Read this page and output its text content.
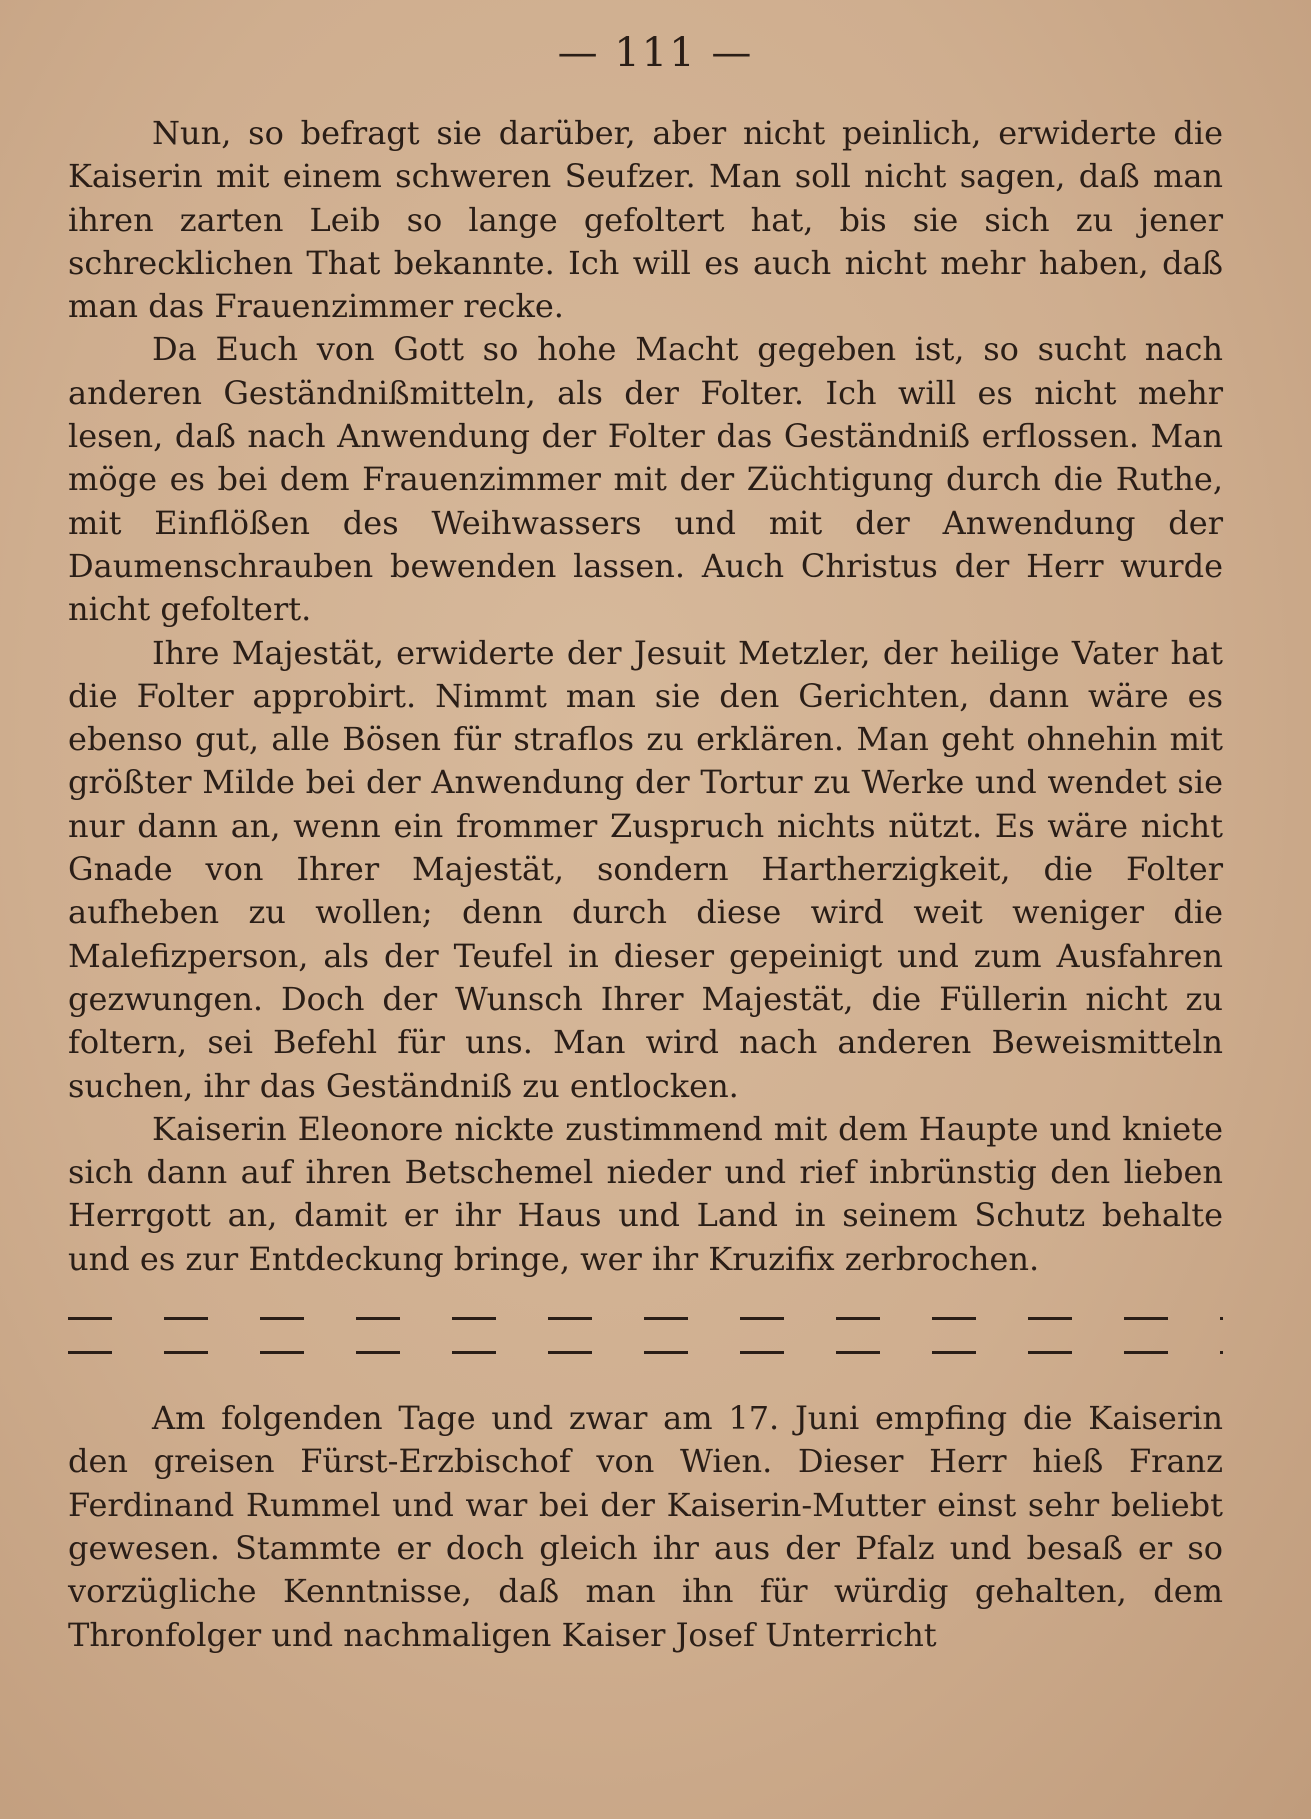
— 111 —

Nun, so befragt sie darüber, aber nicht peinlich, erwiderte die Kaiserin mit einem schweren Seufzer. Man soll nicht sagen, daß man ihren zarten Leib so lange gefoltert hat, bis sie sich zu jener schrecklichen That bekannte. Ich will es auch nicht mehr haben, daß man das Frauenzimmer recke.

Da Euch von Gott so hohe Macht gegeben ist, so sucht nach anderen Geständnißmitteln, als der Folter. Ich will es nicht mehr lesen, daß nach Anwendung der Folter das Geständniß erflossen. Man möge es bei dem Frauenzimmer mit der Züchtigung durch die Ruthe, mit Einflößen des Weihwassers und mit der Anwendung der Daumenschrauben bewenden lassen. Auch Christus der Herr wurde nicht gefoltert.

Ihre Majestät, erwiderte der Jesuit Metzler, der heilige Vater hat die Folter approbirt. Nimmt man sie den Gerichten, dann wäre es ebenso gut, alle Bösen für straflos zu erklären. Man geht ohnehin mit größter Milde bei der Anwendung der Tortur zu Werke und wendet sie nur dann an, wenn ein frommer Zuspruch nichts nützt. Es wäre nicht Gnade von Ihrer Majestät, sondern Hartherzigkeit, die Folter aufheben zu wollen; denn durch diese wird weit weniger die Malefizperson, als der Teufel in dieser gepeinigt und zum Ausfahren gezwungen. Doch der Wunsch Ihrer Majestät, die Füllerin nicht zu foltern, sei Befehl für uns. Man wird nach anderen Beweismitteln suchen, ihr das Geständniß zu entlocken.

Kaiserin Eleonore nickte zustimmend mit dem Haupte und kniete sich dann auf ihren Betschemel nieder und rief inbrünstig den lieben Herrgott an, damit er ihr Haus und Land in seinem Schutz behalte und es zur Entdeckung bringe, wer ihr Kruzifix zerbrochen.

Am folgenden Tage und zwar am 17. Juni empfing die Kaiserin den greisen Fürst-Erzbischof von Wien. Dieser Herr hieß Franz Ferdinand Rummel und war bei der Kaiserin-Mutter einst sehr beliebt gewesen. Stammte er doch gleich ihr aus der Pfalz und besaß er so vorzügliche Kenntnisse, daß man ihn für würdig gehalten, dem Thronfolger und nachmaligen Kaiser Josef Unterricht
